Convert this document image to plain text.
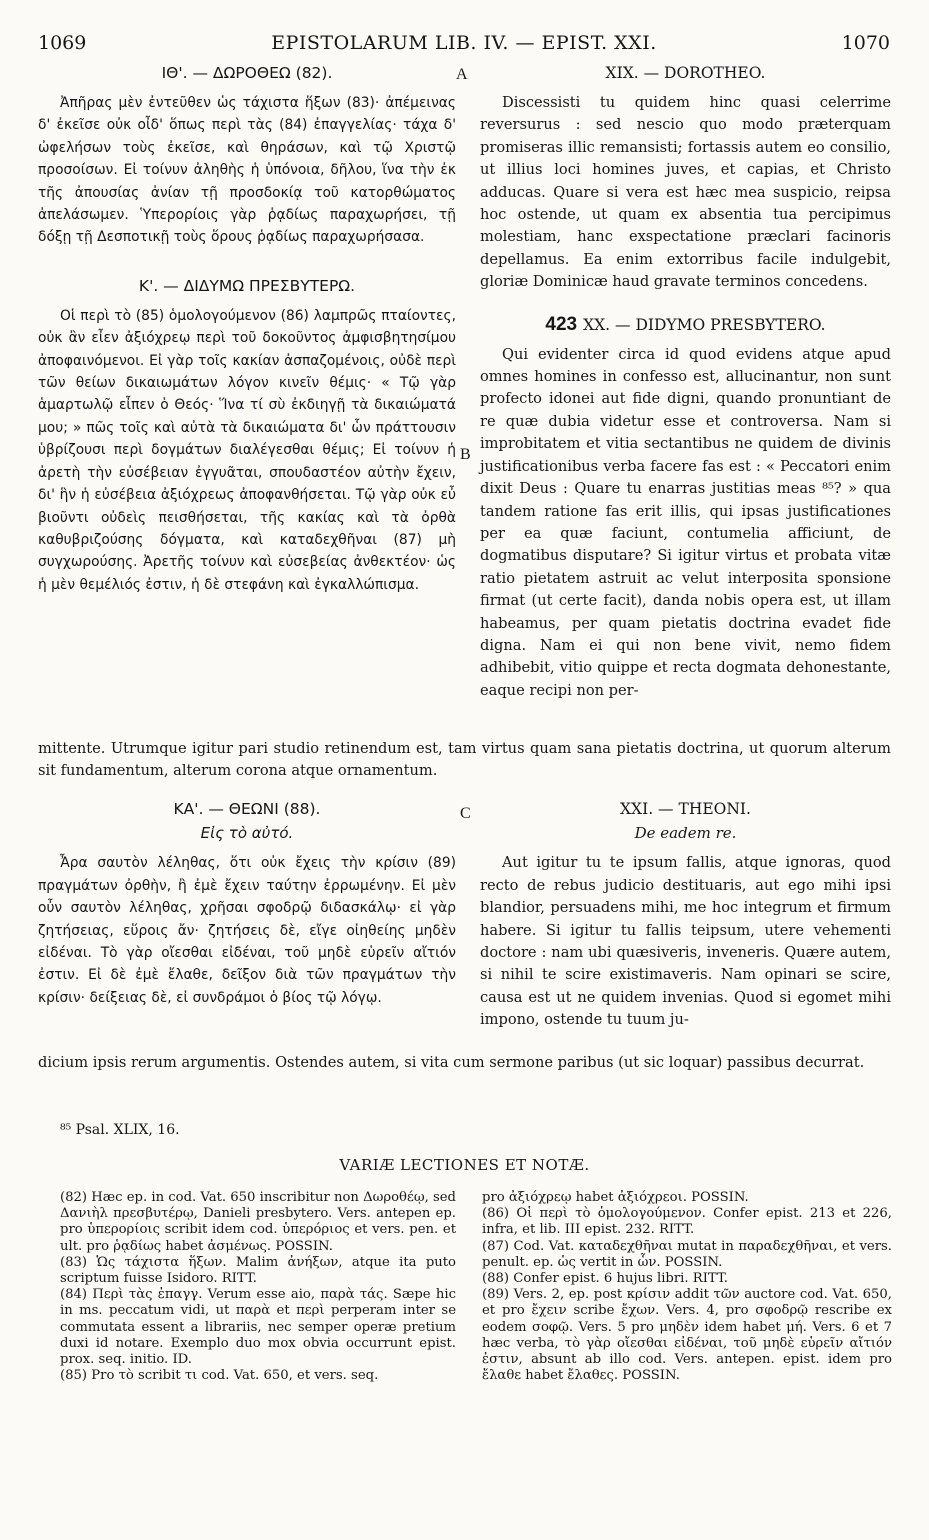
1069	EPISTOLARUM LIB. IV. — EPIST. XXI.	1070
ΙΘ'. — ΔΩΡΟΘΕΩ (82).

Ἀπῆρας μὲν ἐντεῦθεν ὡς τάχιστα ἥξων (83)· ἀπέμεινας δ' ἐκεῖσε οὐκ οἶδ' ὅπως περὶ τὰς (84) ἐπαγγελίας· τάχα δ' ὠφελήσων τοὺς ἐκεῖσε, καὶ θηράσων, καὶ τῷ Χριστῷ προσοίσων. Εἰ τοίνυν ἀληθὴς ἡ ὑπόνοια, δῆλου, ἵνα τὴν ἐκ τῆς ἀπουσίας ἀνίαν τῇ προσδοκίᾳ τοῦ κατορθώματος ἀπελάσωμεν. Ὑπερορίοις γὰρ ῥᾳδίως παραχωρήσει, τῇ δόξῃ τῇ Δεσποτικῇ τοὺς ὅρους ῥᾳδίως παραχωρήσασα.

Κ'. — ΔΙΔΥΜΩ ΠΡΕΣΒΥΤΕΡΩ.

Οἱ περὶ τὸ (85) ὁμολογούμενον (86) λαμπρῶς πταίοντες, οὐκ ἂν εἶεν ἀξιόχρεῳ περὶ τοῦ δοκοῦντος ἀμφισβητησίμου ἀποφαινόμενοι. Εἰ γὰρ τοῖς κακίαν ἀσπαζομένοις, οὐδὲ περὶ τῶν θείων δικαιωμάτων λόγον κινεῖν θέμις· « Τῷ γὰρ ἁμαρτωλῷ εἶπεν ὁ Θεός· Ἵνα τί σὺ ἐκδιηγῇ τὰ δικαιώματά μου; » πῶς τοῖς καὶ αὐτὰ τὰ δικαιώματα δι' ὧν πράττουσιν ὑβρίζουσι περὶ δογμάτων διαλέγεσθαι θέμις; Εἰ τοίνυν ἡ ἀρετὴ τὴν εὐσέβειαν ἐγγυᾶται, σπουδαστέον αὐτὴν ἔχειν, δι' ἣν ἡ εὐσέβεια ἀξιόχρεως ἀποφανθήσεται. Τῷ γὰρ οὐκ εὖ βιοῦντι οὐδεὶς πεισθήσεται, τῆς κακίας καὶ τὰ ὀρθὰ καθυβριζούσης δόγματα, καὶ καταδεχθῆναι (87) μὴ συγχωρούσης. Ἀρετῆς τοίνυν καὶ εὐσεβείας ἀνθεκτέον· ὡς ἡ μὲν θεμέλιός ἐστιν, ἡ δὲ στεφάνη καὶ ἐγκαλλώπισμα.

XIX. — DOROTHEO.

Discessisti tu quidem hinc quasi celerrime reversurus : sed nescio quo modo præterquam promiseras illic remansisti; fortassis autem eo consilio, ut illius loci homines juves, et capias, et Christo adducas. Quare si vera est hæc mea suspicio, reipsa hoc ostende, ut quam ex absentia tua percipimus molestiam, hanc exspectatione præclari facinoris depellamus. Ea enim extorribus facile indulgebit, gloriæ Dominicæ haud gravate terminos concedens.

423 XX. — DIDYMO PRESBYTERO.

Qui evidenter circa id quod evidens atque apud omnes homines in confesso est, allucinantur, non sunt profecto idonei aut fide digni, quando pronuntiant de re quæ dubia videtur esse et controversa. Nam si improbitatem et vitia sectantibus ne quidem de divinis justificationibus verba facere fas est : « Peccatori enim dixit Deus : Quare tu enarras justitias meas ⁸⁵? » qua tandem ratione fas erit illis, qui ipsas justificationes per ea quæ faciunt, contumelia afficiunt, de dogmatibus disputare? Si igitur virtus et probata vitæ ratio pietatem astruit ac velut interposita sponsione firmat (ut certe facit), danda nobis opera est, ut illam habeamus, per quam pietatis doctrina evadet fide digna. Nam ei qui non bene vivit, nemo fidem adhibebit, vitio quippe et recta dogmata dehonestante, eaque recipi non per-

mittente. Utrumque igitur pari studio retinendum est, tam virtus quam sana pietatis doctrina, ut quorum alterum sit fundamentum, alterum corona atque ornamentum.
ΚΑ'. — ΘΕΩΝΙ (88).
Εἰς τὸ αὐτό.

Ἆρα σαυτὸν λέληθας, ὅτι οὐκ ἔχεις τὴν κρίσιν (89) πραγμάτων ὀρθὴν, ἢ ἐμὲ ἔχειν ταύτην ἐρρωμένην. Εἰ μὲν οὖν σαυτὸν λέληθας, χρῆσαι σφοδρῷ διδασκάλῳ· εἰ γὰρ ζητήσειας, εὕροις ἄν· ζητήσεις δὲ, εἴγε οἰηθείης μηδὲν εἰδέναι. Τὸ γὰρ οἴεσθαι εἰδέναι, τοῦ μηδὲ εὑρεῖν αἴτιόν ἐστιν. Εἰ δὲ ἐμὲ ἔλαθε, δεῖξον διὰ τῶν πραγμάτων τὴν κρίσιν· δείξειας δὲ, εἰ συνδράμοι ὁ βίος τῷ λόγῳ.

XXI. — THEONI.
De eadem re.

Aut igitur tu te ipsum fallis, atque ignoras, quod recto de rebus judicio destituaris, aut ego mihi ipsi blandior, persuadens mihi, me hoc integrum et firmum habere. Si igitur tu fallis teipsum, utere vehementi doctore : nam ubi quæsiveris, inveneris. Quære autem, si nihil te scire existimaveris. Nam opinari se scire, causa est ut ne quidem invenias. Quod si egomet mihi impono, ostende tu tuum ju-

dicium ipsis rerum argumentis. Ostendes autem, si vita cum sermone paribus (ut sic loquar) passibus decurrat.
A
B
C
⁸⁵ Psal. XLIX, 16.
VARIÆ LECTIONES ET NOTÆ.

(82) Hæc ep. in cod. Vat. 650 inscribitur non Δωροθέῳ, sed Δανιὴλ πρεσβυτέρῳ, Danieli presbytero. Vers. antepen ep. pro ὑπερορίοις scribit idem cod. ὑπερόριος et vers. pen. et ult. pro ῥᾳδίως habet ἀσμένως. POSSIN.

(83) Ὡς τάχιστα ἥξων. Malim ἀνήξων, atque ita puto scriptum fuisse Isidoro. RITT.

(84) Περὶ τὰς ἐπαγγ. Verum esse aio, παρὰ τάς. Sæpe hic in ms. peccatum vidi, ut παρὰ et περὶ perperam inter se commutata essent a librariis, nec semper operæ pretium duxi id notare. Exemplo duo mox obvia occurrunt epist. prox. seq. initio. ID.

(85) Pro τὸ scribit τι cod. Vat. 650, et vers. seq.

pro ἀξιόχρεῳ habet ἀξιόχρεοι. POSSIN.

(86) Οἱ περὶ τὸ ὁμολογούμενον. Confer epist. 213 et 226, infra, et lib. III epist. 232. RITT.

(87) Cod. Vat. καταδεχθῆναι mutat in παραδεχθῆναι, et vers. penult. ep. ὡς vertit in ὧν. POSSIN.

(88) Confer epist. 6 hujus libri. RITT.

(89) Vers. 2, ep. post κρίσιν addit τῶν auctore cod. Vat. 650, et pro ἔχειν scribe ἔχων. Vers. 4, pro σφοδρῷ rescribe ex eodem σοφῷ. Vers. 5 pro μηδὲν idem habet μή. Vers. 6 et 7 hæc verba, τὸ γὰρ οἴεσθαι εἰδέναι, τοῦ μηδὲ εὑρεῖν αἴτιόν ἐστιν, absunt ab illo cod. Vers. antepen. epist. idem pro ἔλαθε habet ἔλαθες. POSSIN.
